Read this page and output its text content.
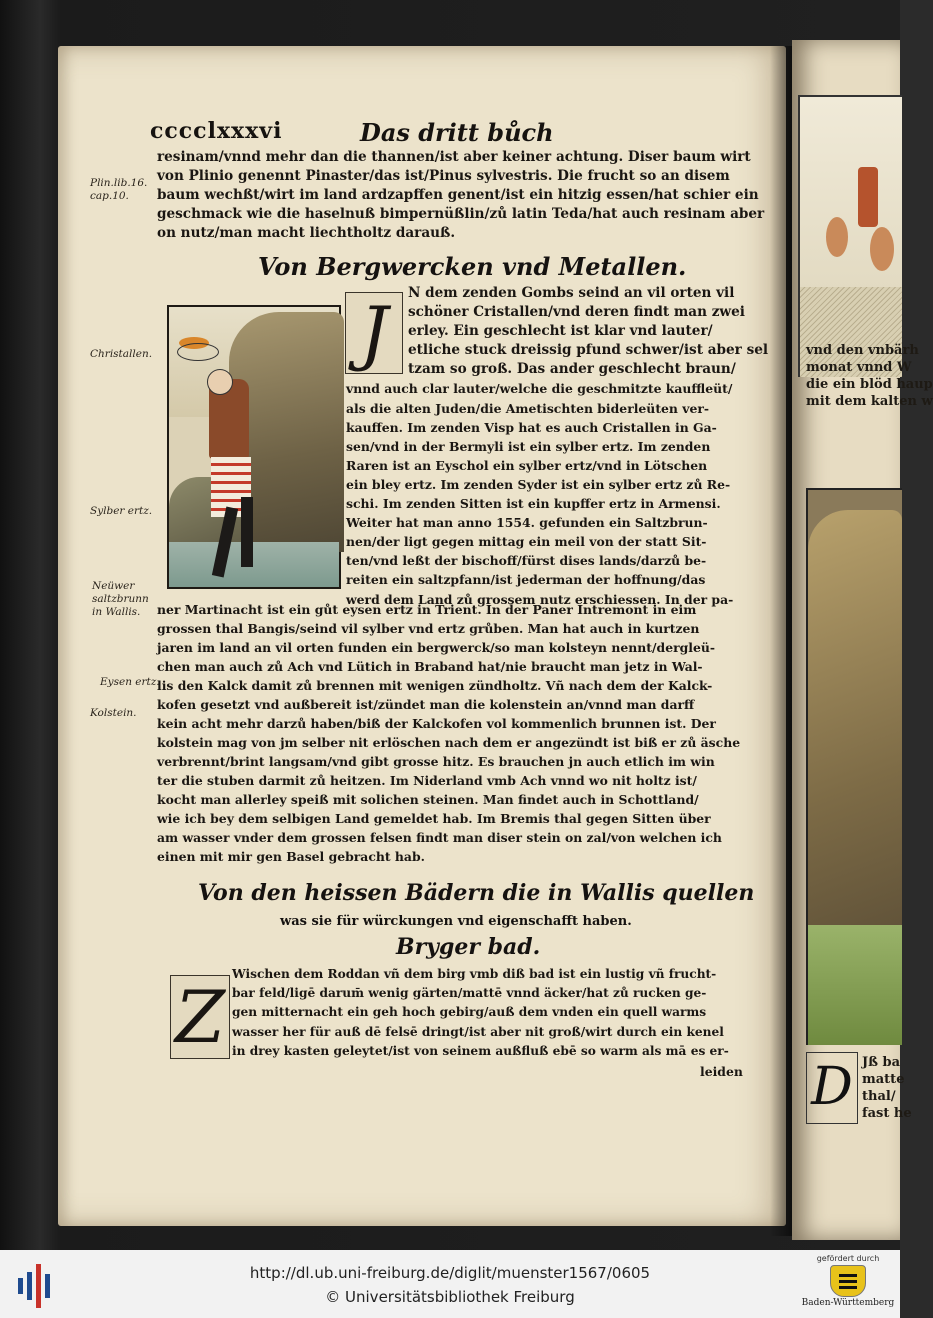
vnd den vnbärh
monat vnnd W
die ein blöd haup
mit dem kalten w
D Jß ba
matte
thal/
fast he
cccclxxxvi	Das dritt bůch
resinam/vnnd mehr dan die thannen/ist aber keiner achtung. Diser baum wirt
von Plinio genennt Pinaster/das ist/Pinus sylvestris. Die frucht so an disem
baum wechßt/wirt im land ardzapffen genent/ist ein hitzig essen/hat schier ein
geschmack wie die haselnuß bimpernüßlin/zů latin Teda/hat auch resinam aber
on nutz/man macht liechtholtz darauß.
Plin.lib.16.
cap.10.
Christallen.
Sylber ertz.
Neüwer
saltzbrunn
in Wallis.
Eysen ertz.
Kolstein.
Von Bergwercken vnd Metallen.
J	N dem zenden Gombs seind an vil orten vil
schöner Cristallen/vnd deren findt man zwei
erley. Ein geschlecht ist klar vnd lauter/
etliche stuck dreissig pfund schwer/ist aber sel
tzam so groß. Das ander geschlecht braun/
vnnd auch clar lauter/welche die geschmitzte kauffleüt/
als die alten Juden/die Ametischten biderleüten ver-
kauffen. Im zenden Visp hat es auch Cristallen in Ga-
sen/vnd in der Bermyli ist ein sylber ertz. Im zenden
Raren ist an Eyschol ein sylber ertz/vnd in Lötschen
ein bley ertz. Im zenden Syder ist ein sylber ertz zů Re-
schi. Im zenden Sitten ist ein kupffer ertz in Armensi.
Weiter hat man anno 1554. gefunden ein Saltzbrun-
nen/der ligt gegen mittag ein meil von der statt Sit-
ten/vnd leßt der bischoff/fürst dises lands/darzů be-
reiten ein saltzpfann/ist jederman der hoffnung/das
werd dem Land zů grossem nutz erschiessen. In der pa-
ner Martinacht ist ein gůt eysen ertz in Trient. In der Paner Intremont in eim
grossen thal Bangis/seind vil sylber vnd ertz grůben. Man hat auch in kurtzen
jaren im land an vil orten funden ein bergwerck/so man kolsteyn nennt/dergleü-
chen man auch zů Ach vnd Lütich in Braband hat/nie braucht man jetz in Wal-
lis den Kalck damit zů brennen mit wenigen zündholtz. Vñ nach dem der Kalck-
kofen gesetzt vnd außbereit ist/zündet man die kolenstein an/vnnd man darff
kein acht mehr darzů haben/biß der Kalckofen vol kommenlich brunnen ist. Der
kolstein mag von jm selber nit erlöschen nach dem er angezündt ist biß er zů äsche
verbrennt/brint langsam/vnd gibt grosse hitz. Es brauchen jn auch etlich im win
ter die stuben darmit zů heitzen. Im Niderland vmb Ach vnnd wo nit holtz ist/
kocht man allerley speiß mit solichen steinen. Man findet auch in Schottland/
wie ich bey dem selbigen Land gemeldet hab. Im Bremis thal gegen Sitten über
am wasser vnder dem grossen felsen findt man diser stein on zal/von welchen ich
einen mit mir gen Basel gebracht hab.
Von den heissen Bädern die in Wallis quellen
was sie für würckungen vnd eigenschafft haben.
Bryger bad.
Z
Wischen dem Roddan vñ dem birg vmb diß bad ist ein lustig vñ frucht-
bar feld/ligē darum̄ wenig gärten/mattē vnnd äcker/hat zů rucken ge-
gen mitternacht ein geh hoch gebirg/auß dem vnden ein quell warms
wasser her für auß dē felsē dringt/ist aber nit groß/wirt durch ein kenel
in drey kasten geleytet/ist von seinem außfluß ebē so warm als mā es er-
leiden
http://dl.ub.uni-freiburg.de/diglit/muenster1567/0605
© Universitätsbibliothek Freiburg
gefördert durch
Baden-Württemberg
